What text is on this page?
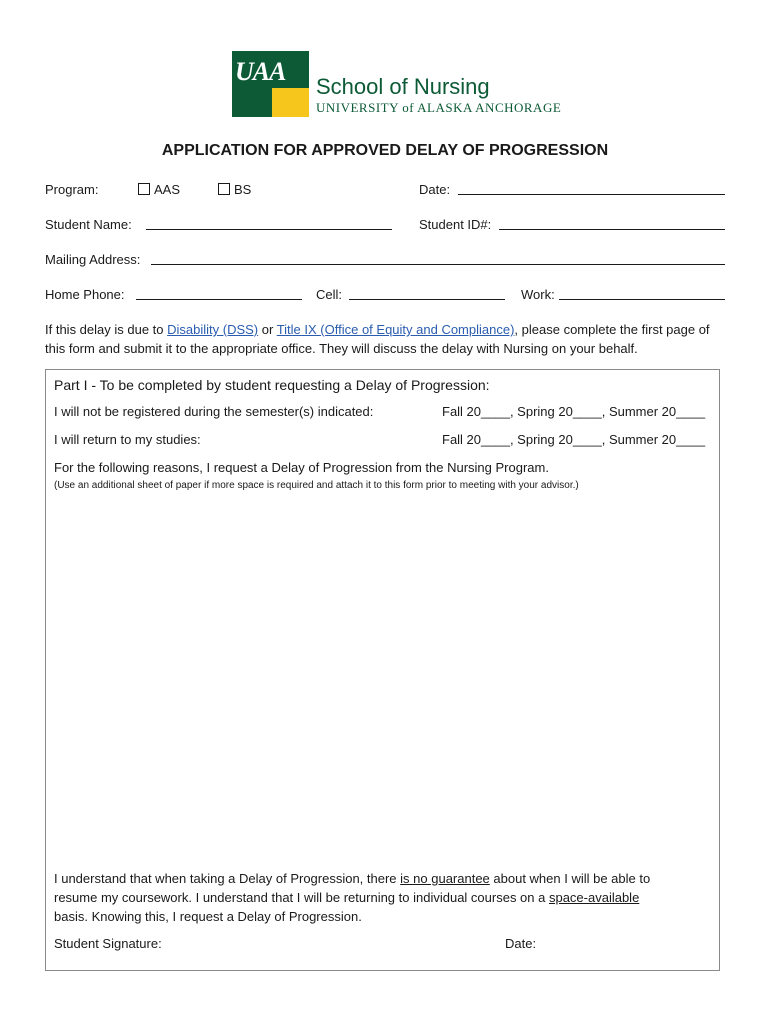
UAA
School of Nursing
UNIVERSITY of ALASKA ANCHORAGE
APPLICATION FOR APPROVED DELAY OF PROGRESSION
Program:	AAS	BS	Date:
Student Name:	Student ID#:
Mailing Address:
Home Phone:	Cell:	Work:
If this delay is due to Disability (DSS) or Title IX (Office of Equity and Compliance), please complete the first page of
this form and submit it to the appropriate office. They will discuss the delay with Nursing on your behalf.
Part I - To be completed by student requesting a Delay of Progression:
I will not be registered during the semester(s) indicated:	Fall 20____, Spring 20____, Summer 20____
I will return to my studies:	Fall 20____, Spring 20____, Summer 20____
For the following reasons, I request a Delay of Progression from the Nursing Program.
(Use an additional sheet of paper if more space is required and attach it to this form prior to meeting with your advisor.)
I understand that when taking a Delay of Progression, there is no guarantee about when I will be able to
resume my coursework. I understand that I will be returning to individual courses on a space-available
basis. Knowing this, I request a Delay of Progression.
Student Signature:	Date:
